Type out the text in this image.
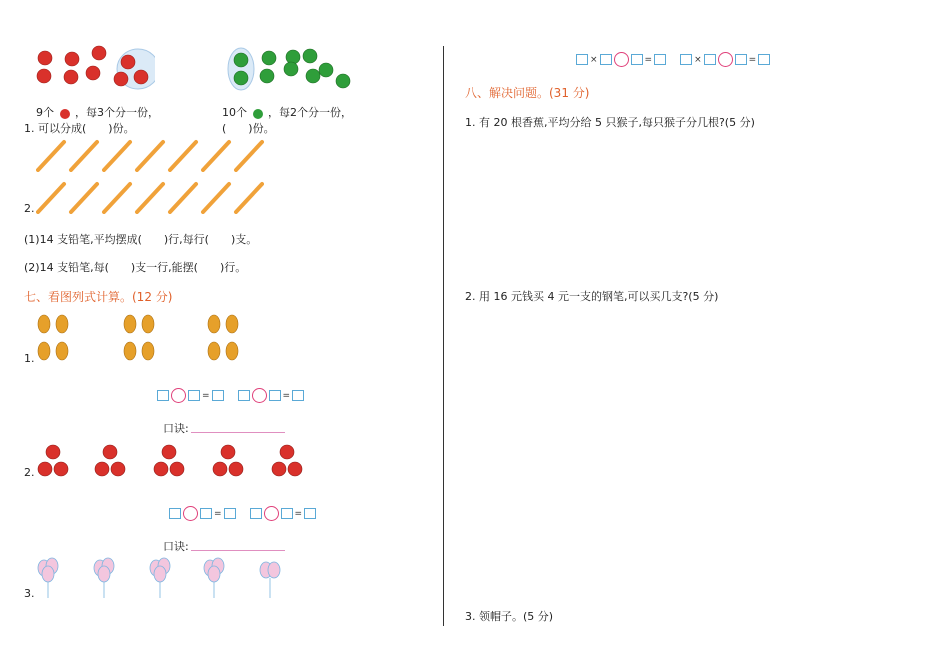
9个 ，每3个分一份，
1. 可以分成(　　)份。
10个 ，每2个分一份，
(　　)份。
2.
(1)14 支铅笔,平均摆成(　　)行,每行(　　)支。
(2)14 支铅笔,每(　　)支一行,能摆(　　)行。
七、看图列式计算。(12 分)
1.
=	=
口诀:
2.
=	=
口诀:
3.
×	=	×	=
八、解决问题。(31 分)
1. 有 20 根香蕉,平均分给 5 只猴子,每只猴子分几根?(5 分)
2. 用 16 元钱买 4 元一支的钢笔,可以买几支?(5 分)
3. 领帽子。(5 分)
